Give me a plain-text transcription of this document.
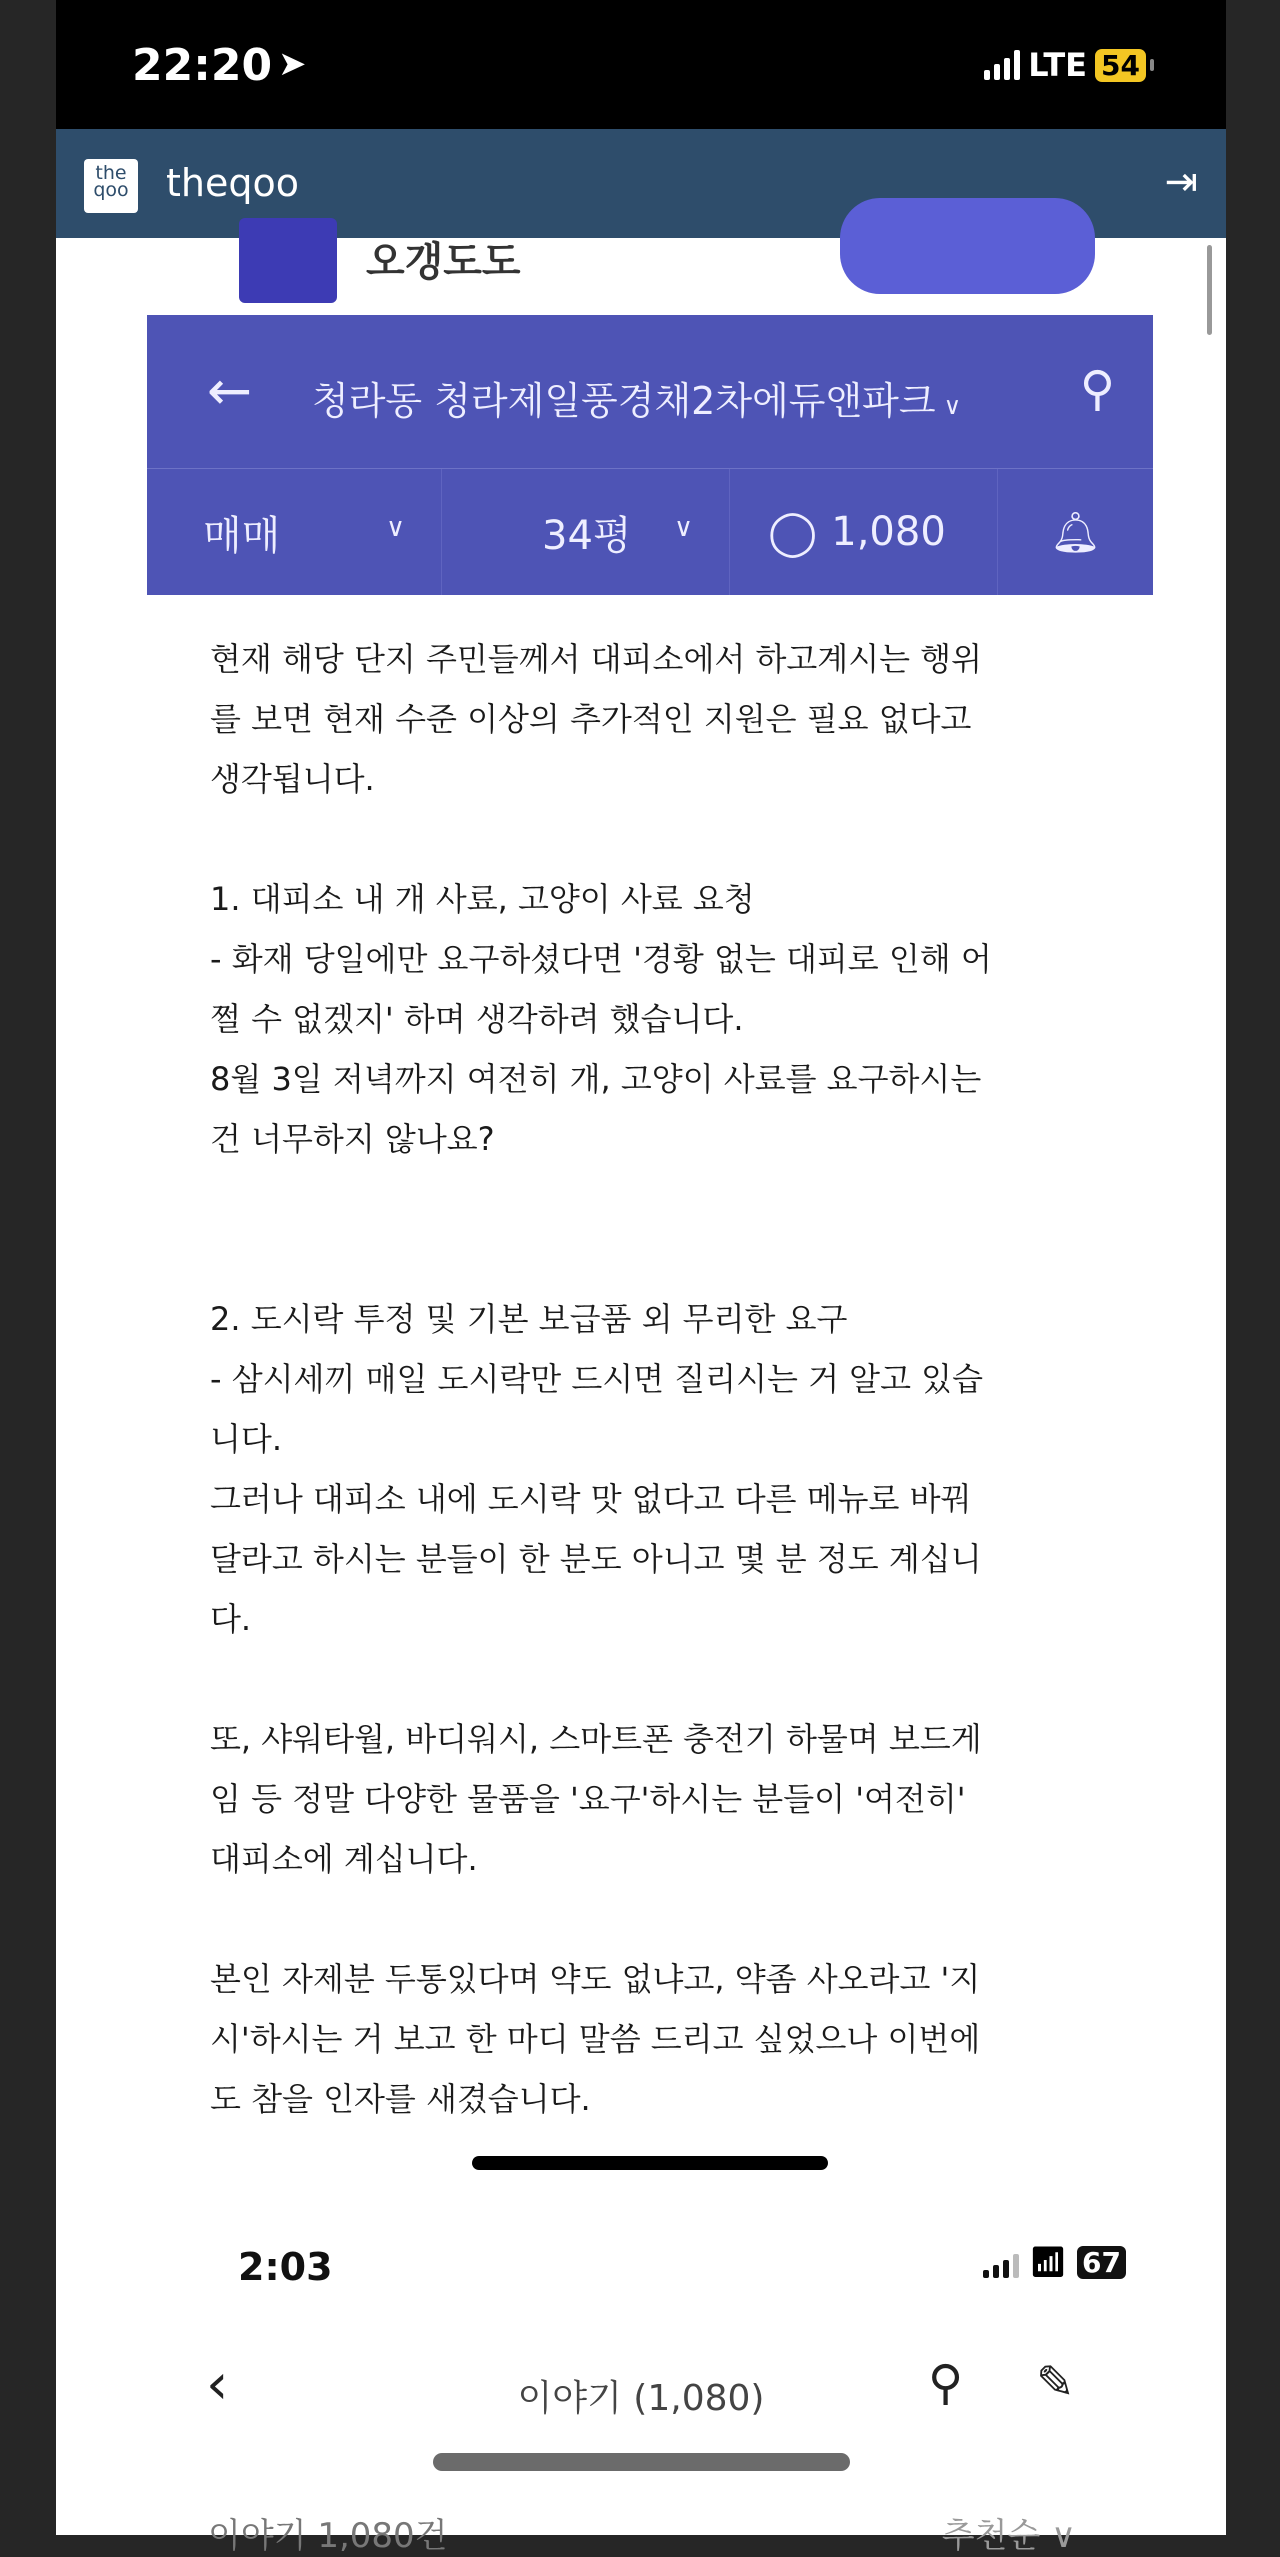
22:20 ➤	LTE 54
the
qoo theqoo	⇥
오갱도도
← 청라동 청라제일풍경채2차에듀앤파크 ∨ ⚲
매매	∨	34평 ∨ ◯ 1,080	🔔︎
현재 해당 단지 주민들께서 대피소에서 하고계시는 행위
를 보면 현재 수준 이상의 추가적인 지원은 필요 없다고
생각됩니다.
1. 대피소 내 개 사료, 고양이 사료 요청
- 화재 당일에만 요구하셨다면 '경황 없는 대피로 인해 어
쩔 수 없겠지' 하며 생각하려 했습니다.
8월 3일 저녁까지 여전히 개, 고양이 사료를 요구하시는
건 너무하지 않나요?
2. 도시락 투정 및 기본 보급품 외 무리한 요구
- 삼시세끼 매일 도시락만 드시면 질리시는 거 알고 있습
니다.
그러나 대피소 내에 도시락 맛 없다고 다른 메뉴로 바꿔
달라고 하시는 분들이 한 분도 아니고 몇 분 정도 계십니
다.
또, 샤워타월, 바디워시, 스마트폰 충전기 하물며 보드게
임 등 정말 다양한 물품을 '요구'하시는 분들이 '여전히'
대피소에 계십니다.
본인 자제분 두통있다며 약도 없냐고, 약좀 사오라고 '지
시'하시는 거 보고 한 마디 말씀 드리고 싶었으나 이번에
도 참을 인자를 새겼습니다.
2:03	📶︎ 67
‹	이야기 (1,080)	⚲ ✎
이야기 1,080건	추천순 ∨
